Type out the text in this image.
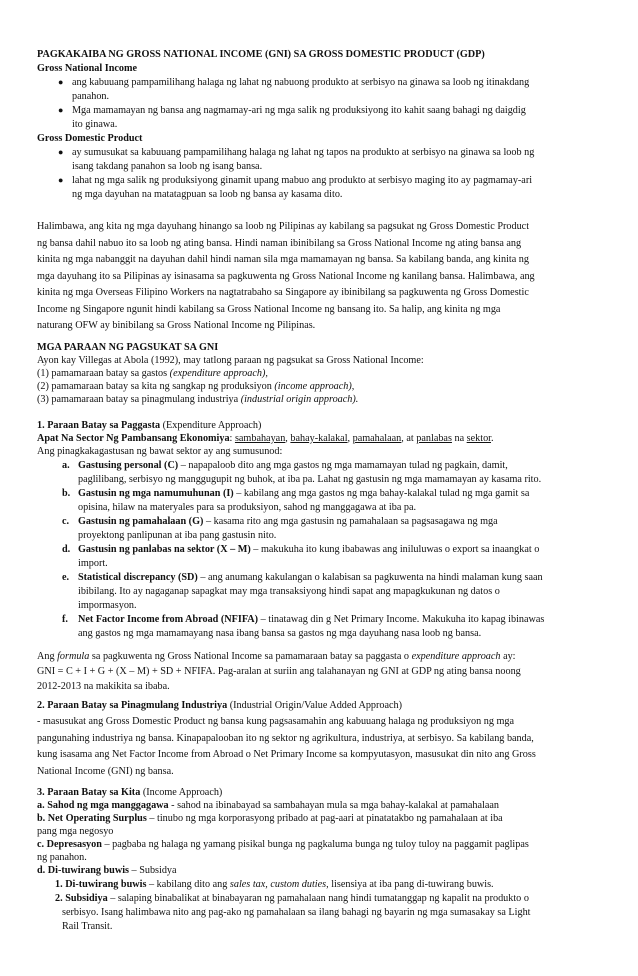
PAGKAKAIBA NG GROSS NATIONAL INCOME (GNI) SA GROSS DOMESTIC PRODUCT (GDP)
Gross National Income
● ang kabuuang pampamilihang halaga ng lahat ng nabuong produkto at serbisyo na ginawa sa loob ng itinakdang
panahon.
● Mga mamamayan ng bansa ang nagmamay-ari ng mga salik ng produksiyong ito kahit saang bahagi ng daigdig
ito ginawa.
Gross Domestic Product
● ay sumusukat sa kabuuang pampamilihang halaga ng lahat ng tapos na produkto at serbisyo na ginawa sa loob ng
isang takdang panahon sa loob ng isang bansa.
● lahat ng mga salik ng produksiyong ginamit upang mabuo ang produkto at serbisyo maging ito ay pagmamay-ari
ng mga dayuhan na matatagpuan sa loob ng bansa ay kasama dito.
Halimbawa, ang kita ng mga dayuhang hinango sa loob ng Pilipinas ay kabilang sa pagsukat ng Gross Domestic Product
ng bansa dahil nabuo ito sa loob ng ating bansa. Hindi naman ibinibilang sa Gross National Income ng ating bansa ang
kinita ng mga nabanggit na dayuhan dahil hindi naman sila mga mamamayan ng bansa. Sa kabilang banda, ang kinita ng
mga dayuhang ito sa Pilipinas ay isinasama sa pagkuwenta ng Gross National Income ng kanilang bansa. Halimbawa, ang
kinita ng mga Overseas Filipino Workers na nagtatrabaho sa Singapore ay ibinibilang sa pagkuwenta ng Gross Domestic
Income ng Singapore ngunit hindi kabilang sa Gross National Income ng bansang ito. Sa halip, ang kinita ng mga
naturang OFW ay binibilang sa Gross National Income ng Pilipinas.
MGA PARAAN NG PAGSUKAT SA GNI
Ayon kay Villegas at Abola (1992), may tatlong paraan ng pagsukat sa Gross National Income:
(1) pamamaraan batay sa gastos (expenditure approach),
(2) pamamaraan batay sa kita ng sangkap ng produksiyon (income approach),
(3) pamamaraan batay sa pinagmulang industriya (industrial origin approach).
1. Paraan Batay sa Paggasta (Expenditure Approach)
Apat Na Sector Ng Pambansang Ekonomiya: sambahayan, bahay-kalakal, pamahalaan, at panlabas na sektor.
Ang pinagkakagastusan ng bawat sektor ay ang sumusunod:
a. Gastusing personal (C) – napapaloob dito ang mga gastos ng mga mamamayan tulad ng pagkain, damit,
paglilibang, serbisyo ng manggugupit ng buhok, at iba pa. Lahat ng gastusin ng mga mamamayan ay kasama rito.
b. Gastusin ng mga namumuhunan (I) – kabilang ang mga gastos ng mga bahay-kalakal tulad ng mga gamit sa
opisina, hilaw na materyales para sa produksiyon, sahod ng manggagawa at iba pa.
c. Gastusin ng pamahalaan (G) – kasama rito ang mga gastusin ng pamahalaan sa pagsasagawa ng mga
proyektong panlipunan at iba pang gastusin nito.
d. Gastusin ng panlabas na sektor (X – M) – makukuha ito kung ibabawas ang iniluluwas o export sa inaangkat o
import.
e. Statistical discrepancy (SD) – ang anumang kakulangan o kalabisan sa pagkuwenta na hindi malaman kung saan
ibibilang. Ito ay nagaganap sapagkat may mga transaksiyong hindi sapat ang mapagkukunan ng datos o
impormasyon.
f. Net Factor Income from Abroad (NFIFA) – tinatawag din g Net Primary Income. Makukuha ito kapag ibinawas
ang gastos ng mga mamamayang nasa ibang bansa sa gastos ng mga dayuhang nasa loob ng bansa.
Ang formula sa pagkuwenta ng Gross National Income sa pamamaraan batay sa paggasta o expenditure approach ay:
GNI = C + I + G + (X – M) + SD + NFIFA. Pag-aralan at suriin ang talahanayan ng GNI at GDP ng ating bansa noong
2012-2013 na makikita sa ibaba.
2. Paraan Batay sa Pinagmulang Industriya (Industrial Origin/Value Added Approach)
- masusukat ang Gross Domestic Product ng bansa kung pagsasamahin ang kabuuang halaga ng produksiyon ng mga
pangunahing industriya ng bansa. Kinapapalooban ito ng sektor ng agrikultura, industriya, at serbisyo. Sa kabilang banda,
kung isasama ang Net Factor Income from Abroad o Net Primary Income sa kompyutasyon, masusukat din nito ang Gross
National Income (GNI) ng bansa.
3. Paraan Batay sa Kita (Income Approach)
a. Sahod ng mga manggagawa - sahod na ibinabayad sa sambahayan mula sa mga bahay-kalakal at pamahalaan
b. Net Operating Surplus – tinubo ng mga korporasyong pribado at pag-aari at pinatatakbo ng pamahalaan at iba
pang mga negosyo
c. Depresasyon – pagbaba ng halaga ng yamang pisikal bunga ng pagkaluma bunga ng tuloy tuloy na paggamit paglipas
ng panahon.
d. Di-tuwirang buwis – Subsidya
1. Di-tuwirang buwis – kabilang dito ang sales tax, custom duties, lisensiya at iba pang di-tuwirang buwis.
2. Subsidiya – salaping binabalikat at binabayaran ng pamahalaan nang hindi tumatanggap ng kapalit na produkto o
serbisyo. Isang halimbawa nito ang pag-ako ng pamahalaan sa ilang bahagi ng bayarin ng mga sumasakay sa Light
Rail Transit.
